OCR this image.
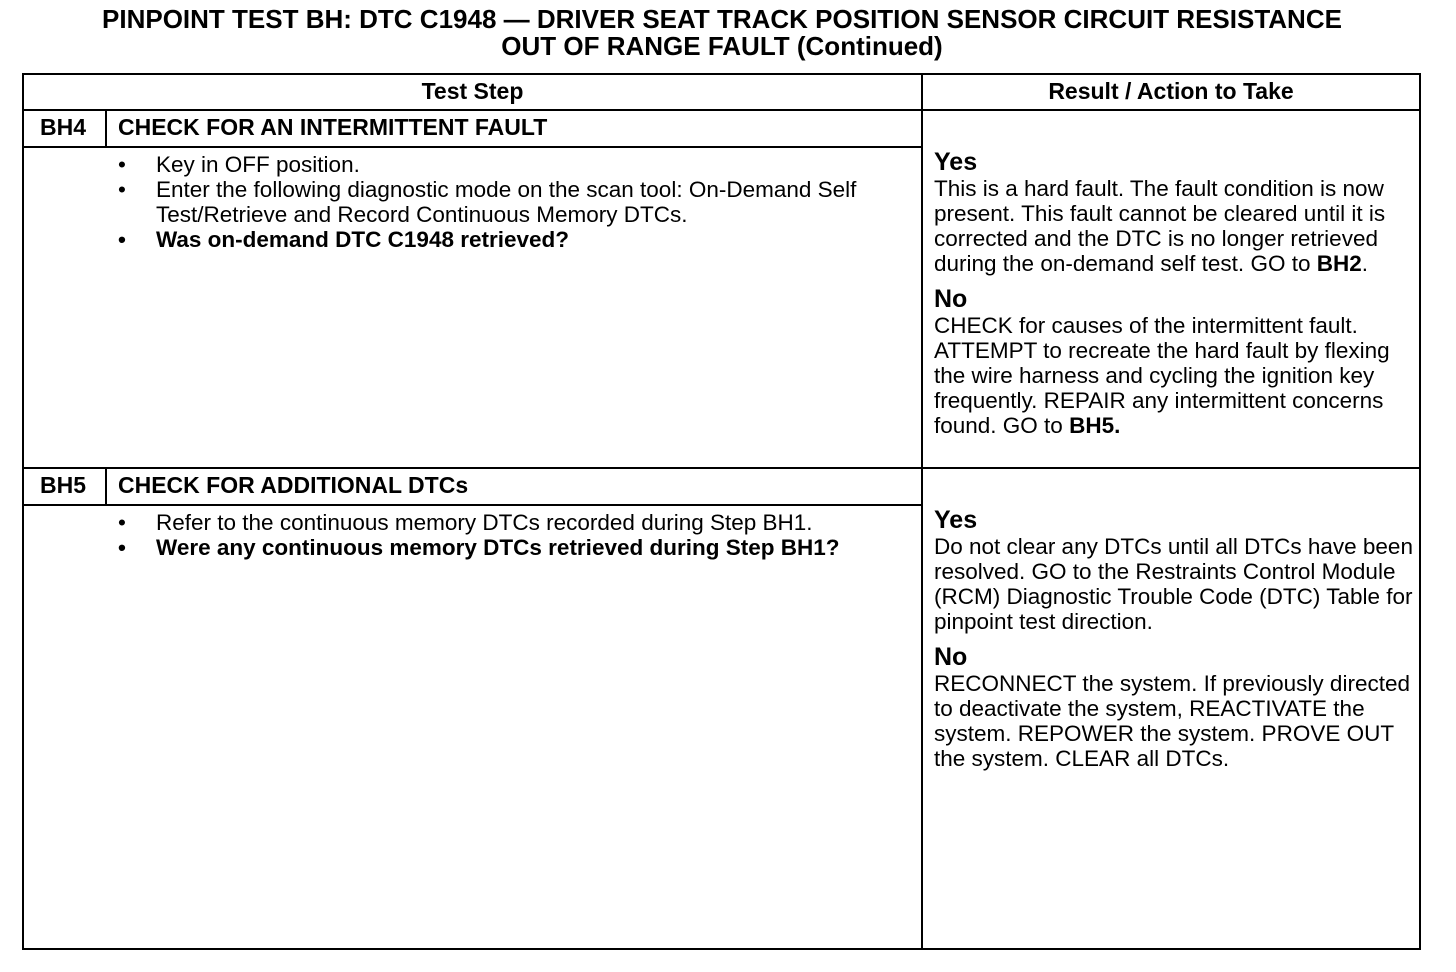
PINPOINT TEST BH: DTC C1948 — DRIVER SEAT TRACK POSITION SENSOR CIRCUIT RESISTANCE
OUT OF RANGE FAULT (Continued)
Test Step	Result / Action to Take
BH4 CHECK FOR AN INTERMITTENT FAULT
• Key in OFF position.
• Enter the following diagnostic mode on the scan tool: On-Demand Self Test/Retrieve and Record Continuous Memory DTCs.
• Was on-demand DTC C1948 retrieved?
Yes
This is a hard fault. The fault condition is now present. This fault cannot be cleared until it is corrected and the DTC is no longer retrieved during the on-demand self test. GO to BH2.
No
CHECK for causes of the intermittent fault. ATTEMPT to recreate the hard fault by flexing the wire harness and cycling the ignition key frequently. REPAIR any intermittent concerns found. GO to BH5.
BH5 CHECK FOR ADDITIONAL DTCs
• Refer to the continuous memory DTCs recorded during Step BH1.
• Were any continuous memory DTCs retrieved during Step BH1?
Yes
Do not clear any DTCs until all DTCs have been resolved. GO to the Restraints Control Module (RCM) Diagnostic Trouble Code (DTC) Table for pinpoint test direction.
No
RECONNECT the system. If previously directed to deactivate the system, REACTIVATE the system. REPOWER the system. PROVE OUT the system. CLEAR all DTCs.
